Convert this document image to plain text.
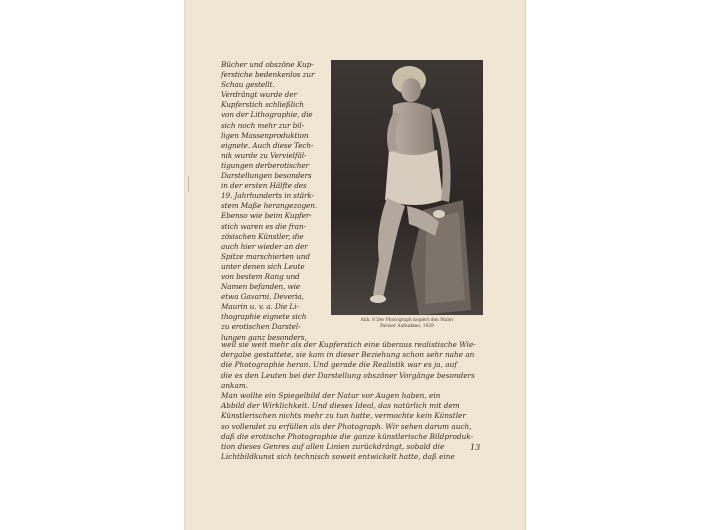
Bücher und obszöne Kup-
ferstiche bedenkenlos zur
Schau gestellt.
Verdrängt wurde der
Kupferstich schließlich
von der Lithographie, die
sich noch mehr zur bil-
ligen Massenproduktion
eignete. Auch diese Tech-
nik wurde zu Vervielfäl-
tigungen derberotischer
Darstellungen besonders
in der ersten Hälfte des
19. Jahrhunderts in stärk-
stem Maße herangezogen.
Ebenso wie beim Kupfer-
stich waren es die fran-
zösischen Künstler, die
auch hier wieder an der
Spitze marschierten und
unter denen sich Leute
von bestem Rang und
Namen befanden, wie
etwa Gavarni, Deveria,
Maurin u. v. a. Die Li-
thographie eignete sich
zu erotischen Darstel-
lungen ganz besonders,
Abb. 8 Der Photograph kopiert den Maler
Pariser Aufnahme, 1929
weil sie weit mehr als der Kupferstich eine überaus realistische Wie-
dergabe gestattete, sie kam in dieser Beziehung schon sehr nahe an
die Photographie heran. Und gerade die Realistik war es ja, auf
die es den Leuten bei der Darstellung obszöner Vorgänge besonders
ankam.
Man wollte ein Spiegelbild der Natur vor Augen haben, ein
Abbild der Wirklichkeit. Und dieses Ideal, das natürlich mit dem
Künstlerischen nichts mehr zu tun hatte, vermochte kein Künstler
so vollendet zu erfüllen als der Photograph. Wir sehen darum auch,
daß die erotische Photographie die ganze künstlerische Bildproduk-
tion dieses Genres auf allen Linien zurückdrängt, sobald die
Lichtbildkunst sich technisch soweit entwickelt hatte, daß eine
13
